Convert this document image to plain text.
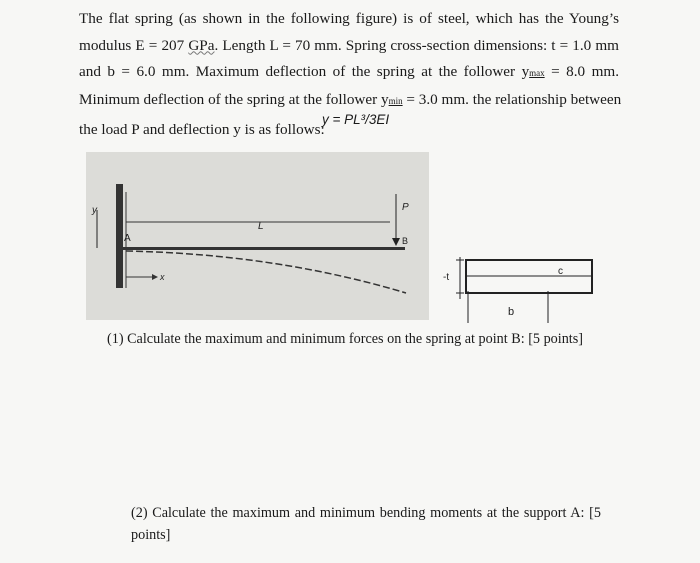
The flat spring (as shown in the following figure) is of steel, which has the Young’s
modulus E = 207 GPa. Length L = 70 mm. Spring cross-section dimensions: t = 1.0 mm
and b = 6.0 mm. Maximum deflection of the spring at the follower ymax = 8.0 mm.
Minimum deflection of the spring at the follower ymin = 3.0 mm. the relationship between
the load P and deflection y is as follows:
y = PL³/3EI
y
A
L
P
B
x	-t
b
c
(1) Calculate the maximum and minimum forces on the spring at point B: [5 points]
(2) Calculate the maximum and minimum bending moments at the support A: [5
points]
